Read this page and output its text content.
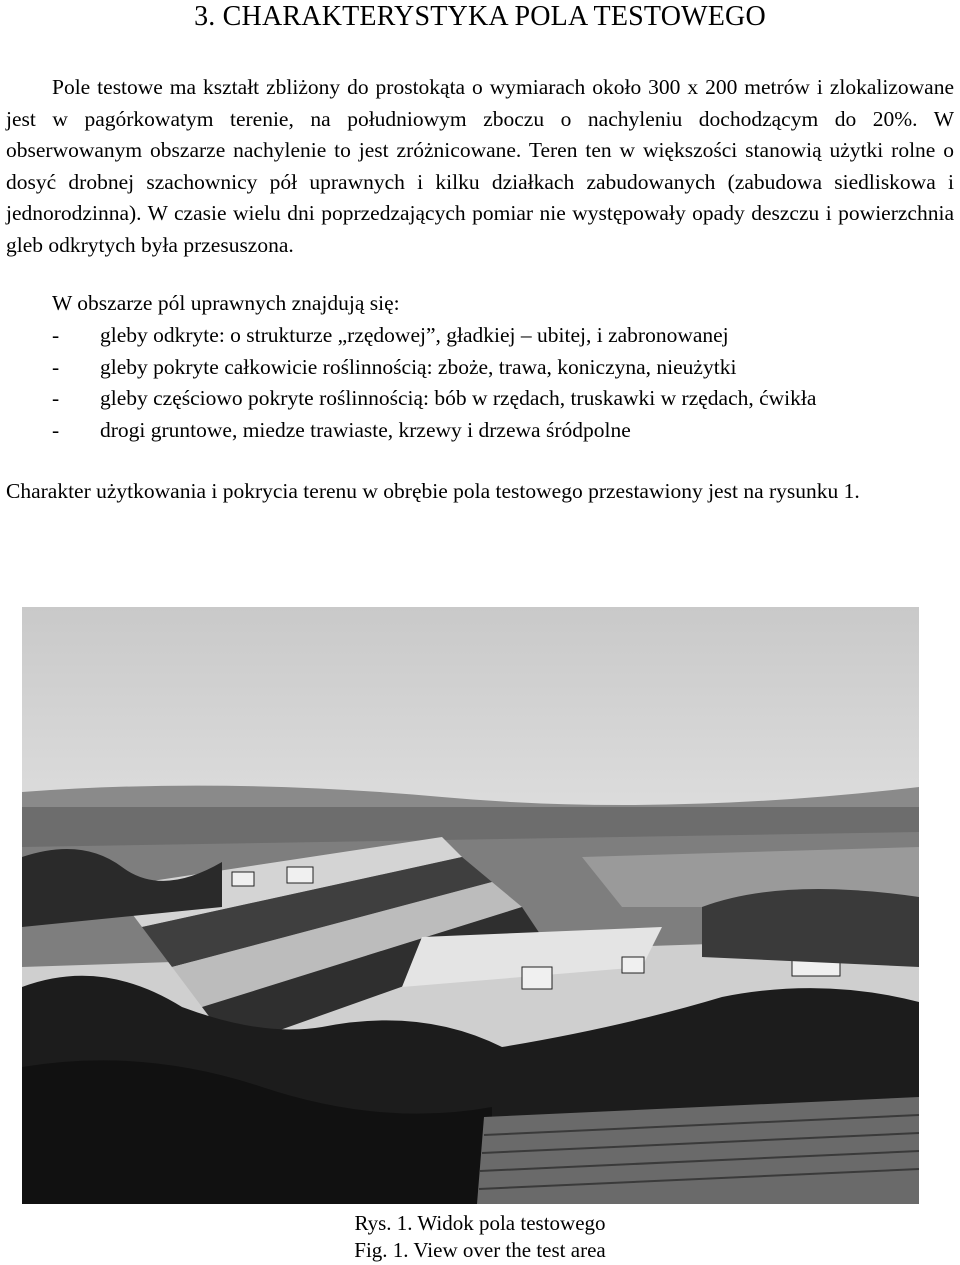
3. CHARAKTERYSTYKA POLA TESTOWEGO
Pole testowe ma kształt zbliżony do prostokąta o wymiarach około 300 x 200 metrów i zlokalizowane jest w pagórkowatym terenie, na południowym zboczu o nachyleniu dochodzącym do 20%. W obserwowanym obszarze nachylenie to jest zróżnicowane. Teren ten w większości stanowią użytki rolne o dosyć drobnej szachownicy pół uprawnych i kilku działkach zabudowanych (zabudowa siedliskowa i jednorodzinna). W czasie wielu dni poprzedzających pomiar nie występowały opady deszczu i powierzchnia gleb odkrytych była przesuszona.
W obszarze pól uprawnych znajdują się:
- gleby odkryte: o strukturze „rzędowej”, gładkiej – ubitej, i zabronowanej
- gleby pokryte całkowicie roślinnością: zboże, trawa, koniczyna, nieużytki
- gleby częściowo pokryte roślinnością: bób w rzędach, truskawki w rzędach, ćwikła
- drogi gruntowe, miedze trawiaste, krzewy i drzewa śródpolne
Charakter użytkowania i pokrycia terenu w obrębie pola testowego przestawiony jest na rysunku 1.
Rys. 1. Widok pola testowego
Fig. 1. View over the test area
